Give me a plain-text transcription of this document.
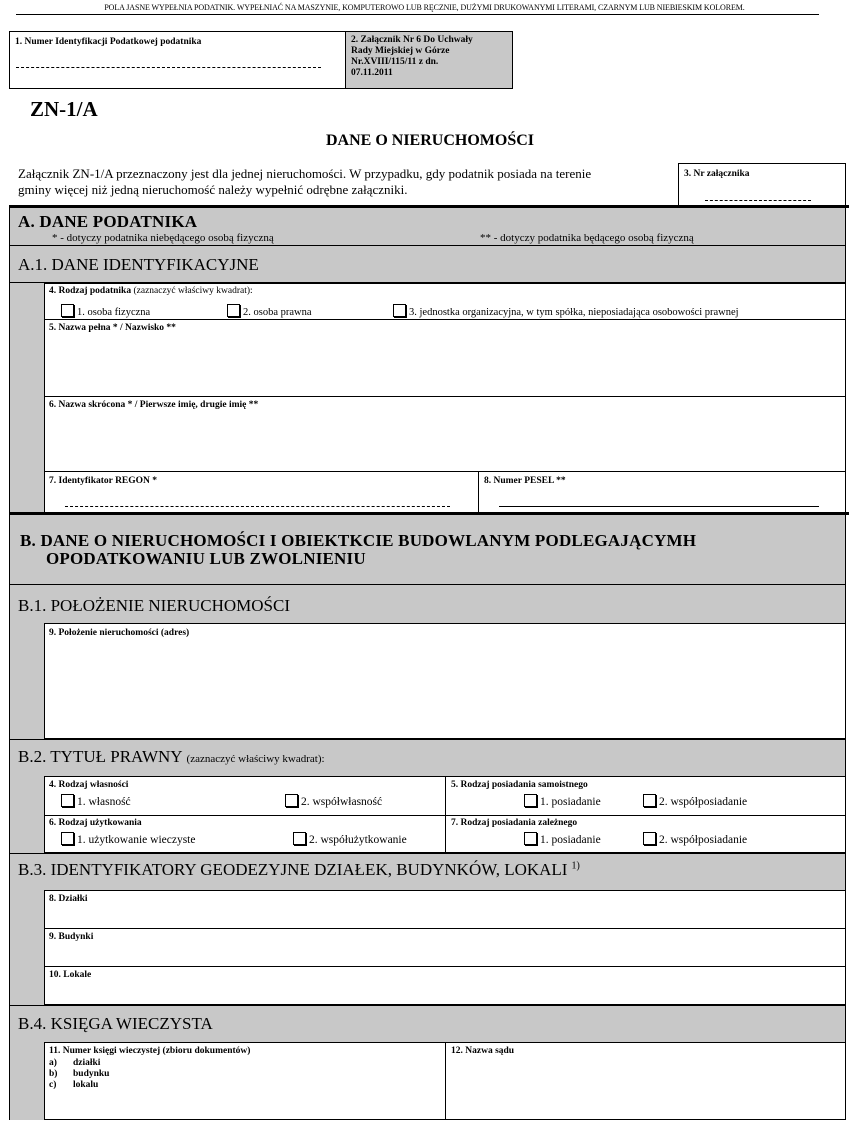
POLA JASNE WYPEŁNIA PODATNIK. WYPEŁNIAĆ NA MASZYNIE, KOMPUTEROWO LUB RĘCZNIE, DUŻYMI DRUKOWANYMI LITERAMI, CZARNYM LUB NIEBIESKIM KOLOREM.
1. Numer Identyfikacji Podatkowej podatnika	2. Załącznik Nr 6 Do Uchwały
Rady Miejskiej w Górze
Nr.XVIII/115/11 z dn.
07.11.2011
ZN-1/A
DANE O NIERUCHOMOŚCI
Załącznik ZN-1/A przeznaczony jest dla jednej nieruchomości. W przypadku, gdy podatnik posiada na terenie
gminy więcej niż jedną nieruchomość należy wypełnić odrębne załączniki.
3. Nr załącznika
A. DANE PODATNIKA
* - dotyczy podatnika niebędącego osobą fizyczną	** - dotyczy podatnika będącego osobą fizyczną
A.1. DANE IDENTYFIKACYJNE
4. Rodzaj podatnika (zaznaczyć właściwy kwadrat):
1. osoba fizyczna	2. osoba prawna	3. jednostka organizacyjna, w tym spółka, nieposiadająca osobowości prawnej
5. Nazwa pełna * / Nazwisko **
6. Nazwa skrócona * / Pierwsze imię, drugie imię **
7. Identyfikator REGON *	8. Numer PESEL **
B. DANE O NIERUCHOMOŚCI I OBIEKTKCIE BUDOWLANYM PODLEGAJĄCYMH
OPODATKOWANIU LUB ZWOLNIENIU
B.1. POŁOŻENIE NIERUCHOMOŚCI
B.2. TYTUŁ PRAWNY (zaznaczyć właściwy kwadrat):
B.3. IDENTYFIKATORY GEODEZYJNE DZIAŁEK, BUDYNKÓW, LOKALI $^{1)}$
B.4. KSIĘGA WIECZYSTA
9. Położenie nieruchomości (adres)
4. Rodzaj własności
1. własność	2. współwłasność
5. Rodzaj posiadania samoistnego
1. posiadanie	2. współposiadanie
6. Rodzaj użytkowania
1. użytkowanie wieczyste	2. współużytkowanie
7. Rodzaj posiadania zależnego
1. posiadanie	2. współposiadanie
8. Działki
9. Budynki
10. Lokale
11. Numer księgi wieczystej (zbioru dokumentów)
a) działki
b) budynku
c) lokalu
12. Nazwa sądu
